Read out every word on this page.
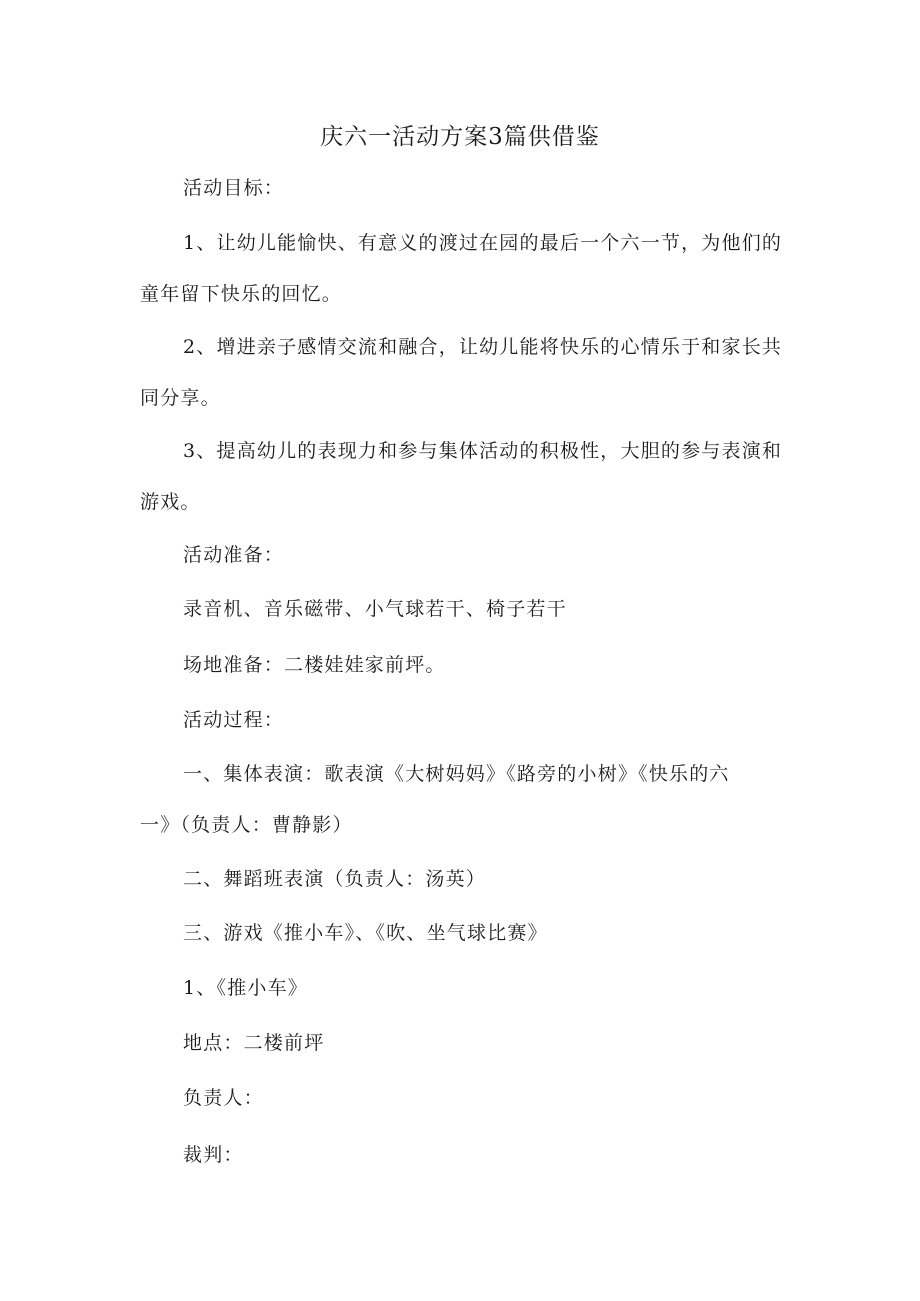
庆六一活动方案3篇供借鉴

活动目标：

1、让幼儿能愉快、有意义的渡过在园的最后一个六一节，为他们的

童年留下快乐的回忆。

2、增进亲子感情交流和融合，让幼儿能将快乐的心情乐于和家长共

同分享。

3、提高幼儿的表现力和参与集体活动的积极性，大胆的参与表演和

游戏。

活动准备：

录音机、音乐磁带、小气球若干、椅子若干

场地准备：二楼娃娃家前坪。

活动过程：

一、集体表演：歌表演《大树妈妈》《路旁的小树》《快乐的六

一》（负责人：曹静影）

二、舞蹈班表演（负责人：汤英）

三、游戏《推小车》、《吹、坐气球比赛》

1、《推小车》

地点：二楼前坪

负责人：

裁判：
